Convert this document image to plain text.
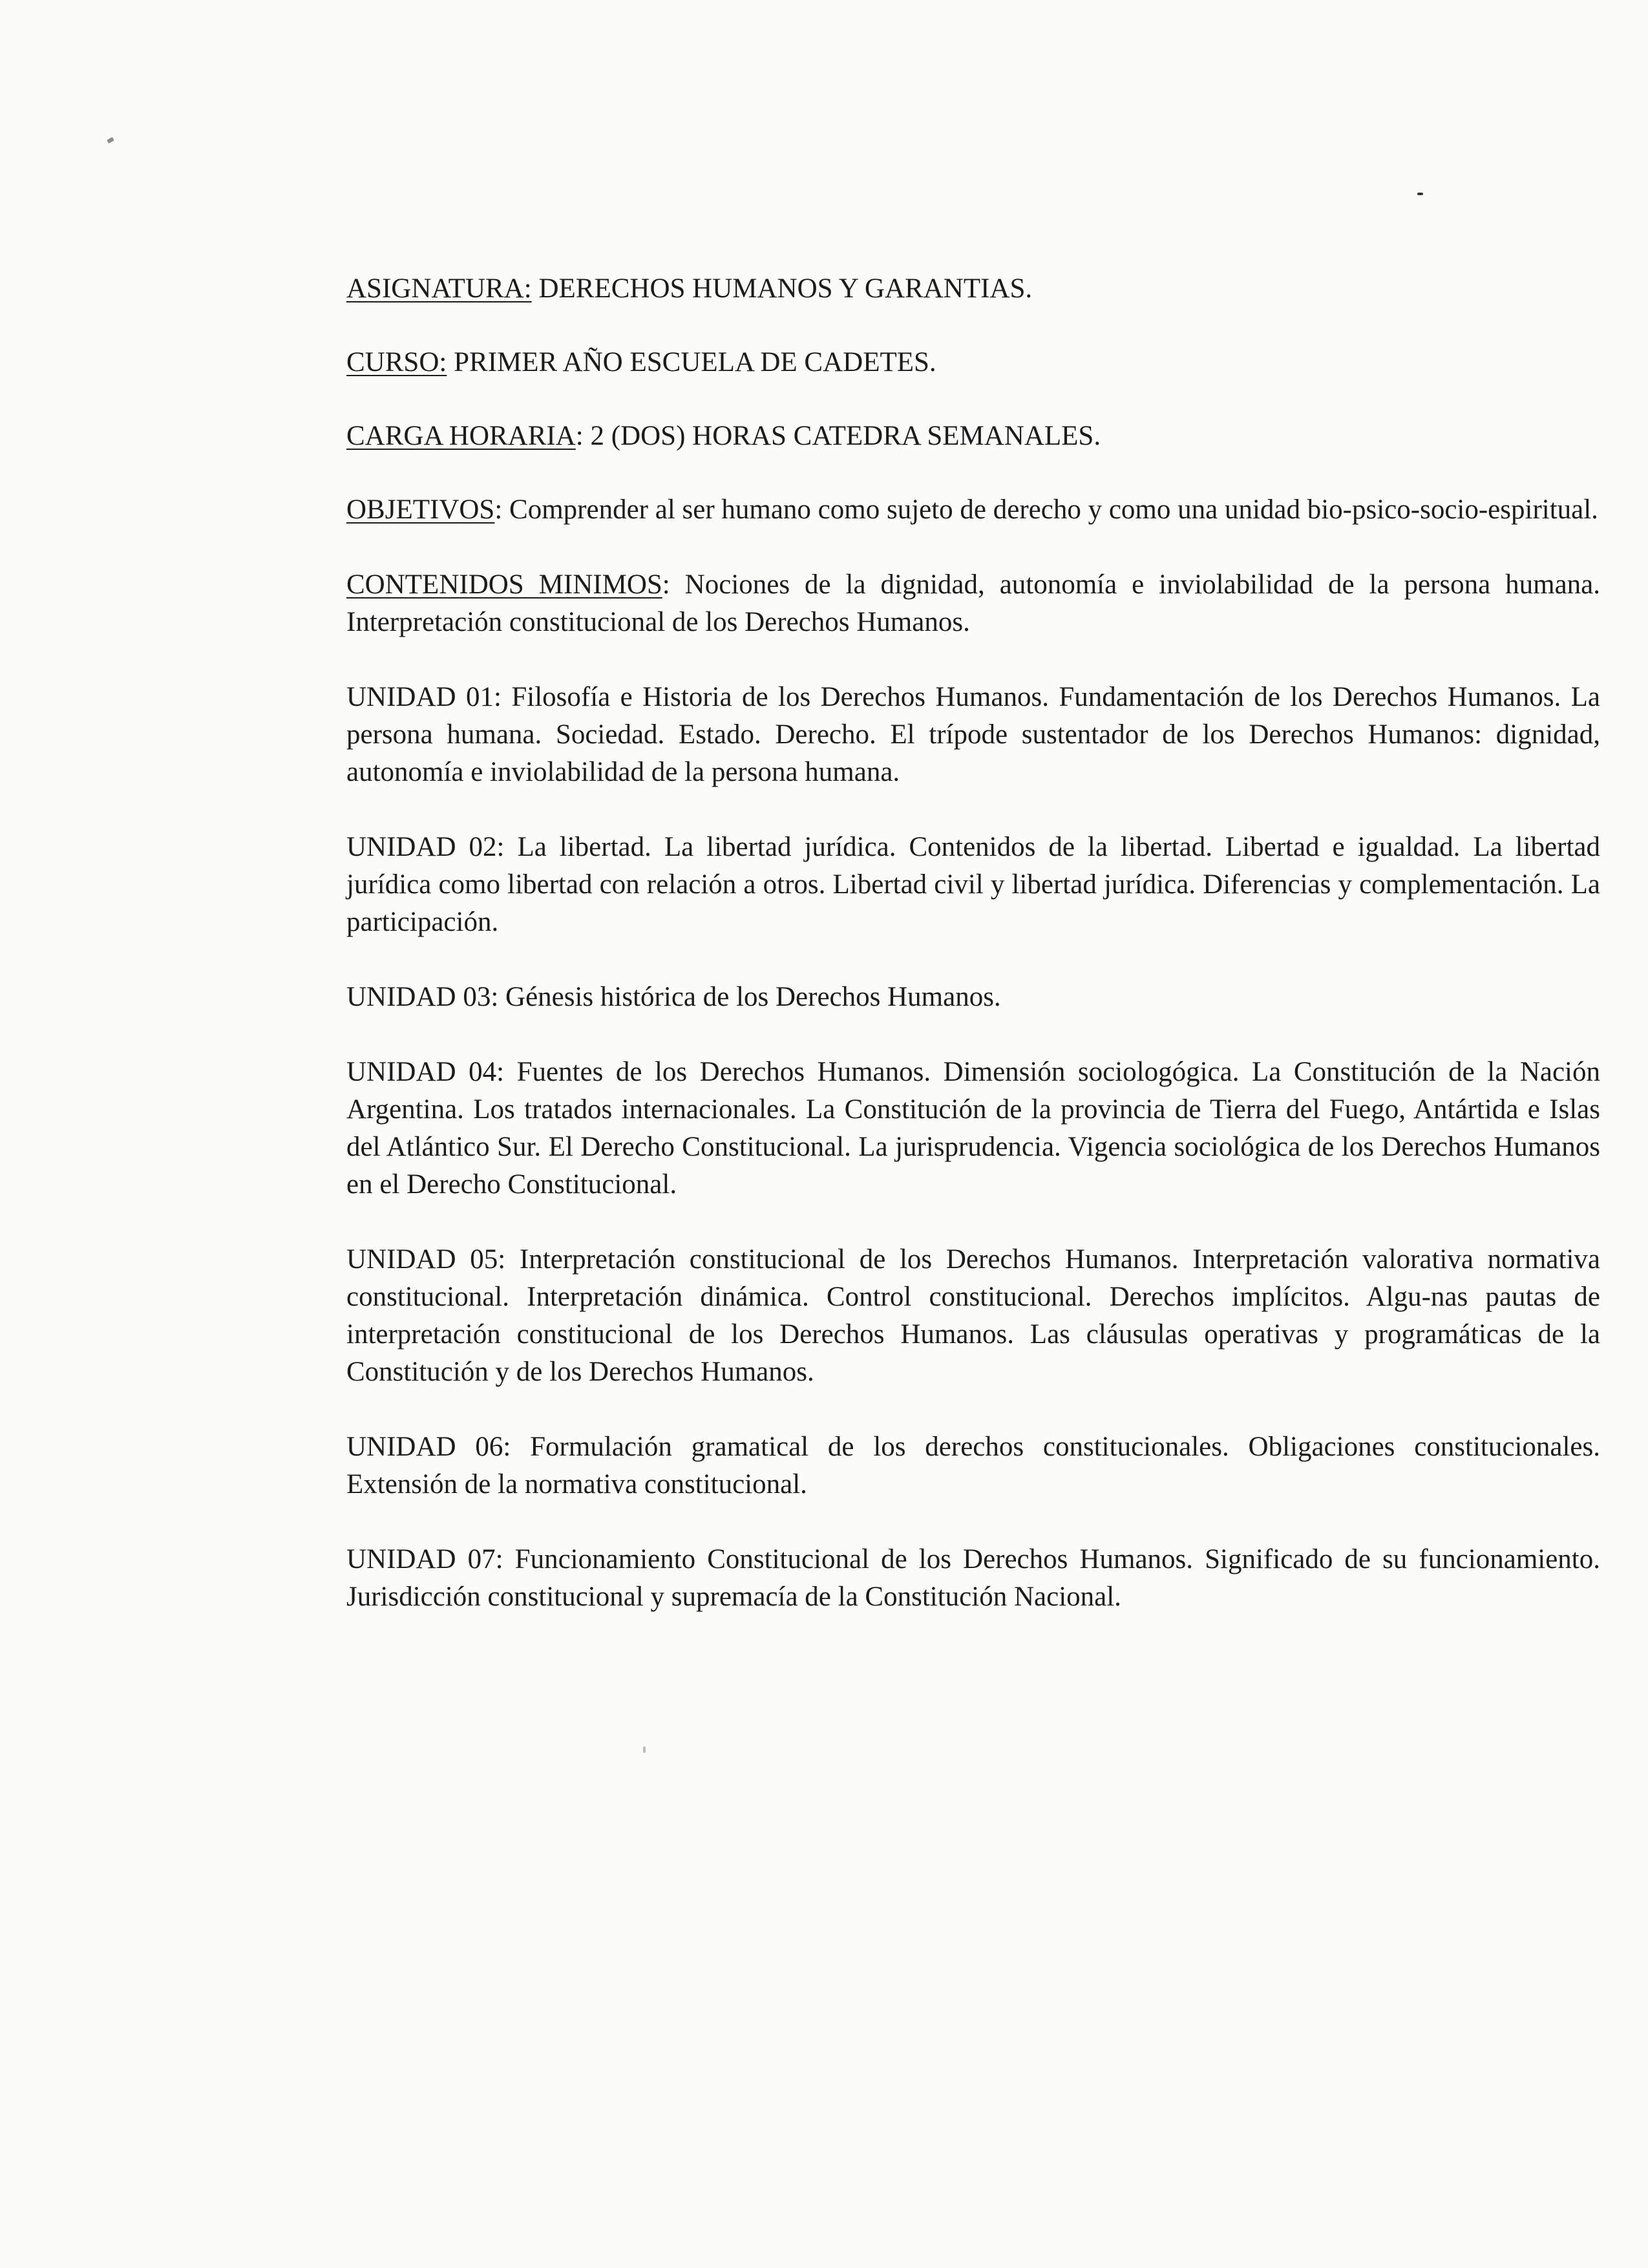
ASIGNATURA: DERECHOS HUMANOS Y GARANTIAS.
CURSO: PRIMER AÑO ESCUELA DE CADETES.
CARGA HORARIA: 2 (DOS) HORAS CATEDRA SEMANALES.
OBJETIVOS: Comprender al ser humano como sujeto de derecho y como una unidad bio-psico-socio-espiritual.
CONTENIDOS MINIMOS: Nociones de la dignidad, autonomía e inviolabilidad de la persona humana. Interpretación constitucional de los Derechos Humanos.
UNIDAD 01: Filosofía e Historia de los Derechos Humanos. Fundamentación de los Derechos Humanos. La persona humana. Sociedad. Estado. Derecho. El trípode sustentador de los Derechos Humanos: dignidad, autonomía e inviolabilidad de la persona humana.
UNIDAD 02: La libertad. La libertad jurídica. Contenidos de la libertad. Libertad e igualdad. La libertad jurídica como libertad con relación a otros. Libertad civil y libertad jurídica. Diferencias y complementación. La participación.
UNIDAD 03: Génesis histórica de los Derechos Humanos.
UNIDAD 04: Fuentes de los Derechos Humanos. Dimensión sociologógica. La Constitución de la Nación Argentina. Los tratados internacionales. La Constitución de la provincia de Tierra del Fuego, Antártida e Islas del Atlántico Sur. El Derecho Constitucional. La jurisprudencia. Vigencia sociológica de los Derechos Humanos en el Derecho Constitucional.
UNIDAD 05: Interpretación constitucional de los Derechos Humanos. Interpretación valorativa normativa constitucional. Interpretación dinámica. Control constitucional. Derechos implícitos. Algu-nas pautas de interpretación constitucional de los Derechos Humanos. Las cláusulas operativas y programáticas de la Constitución y de los Derechos Humanos.
UNIDAD 06: Formulación gramatical de los derechos constitucionales. Obligaciones constitucionales. Extensión de la normativa constitucional.
UNIDAD 07: Funcionamiento Constitucional de los Derechos Humanos. Significado de su funcionamiento. Jurisdicción constitucional y supremacía de la Constitución Nacional.
